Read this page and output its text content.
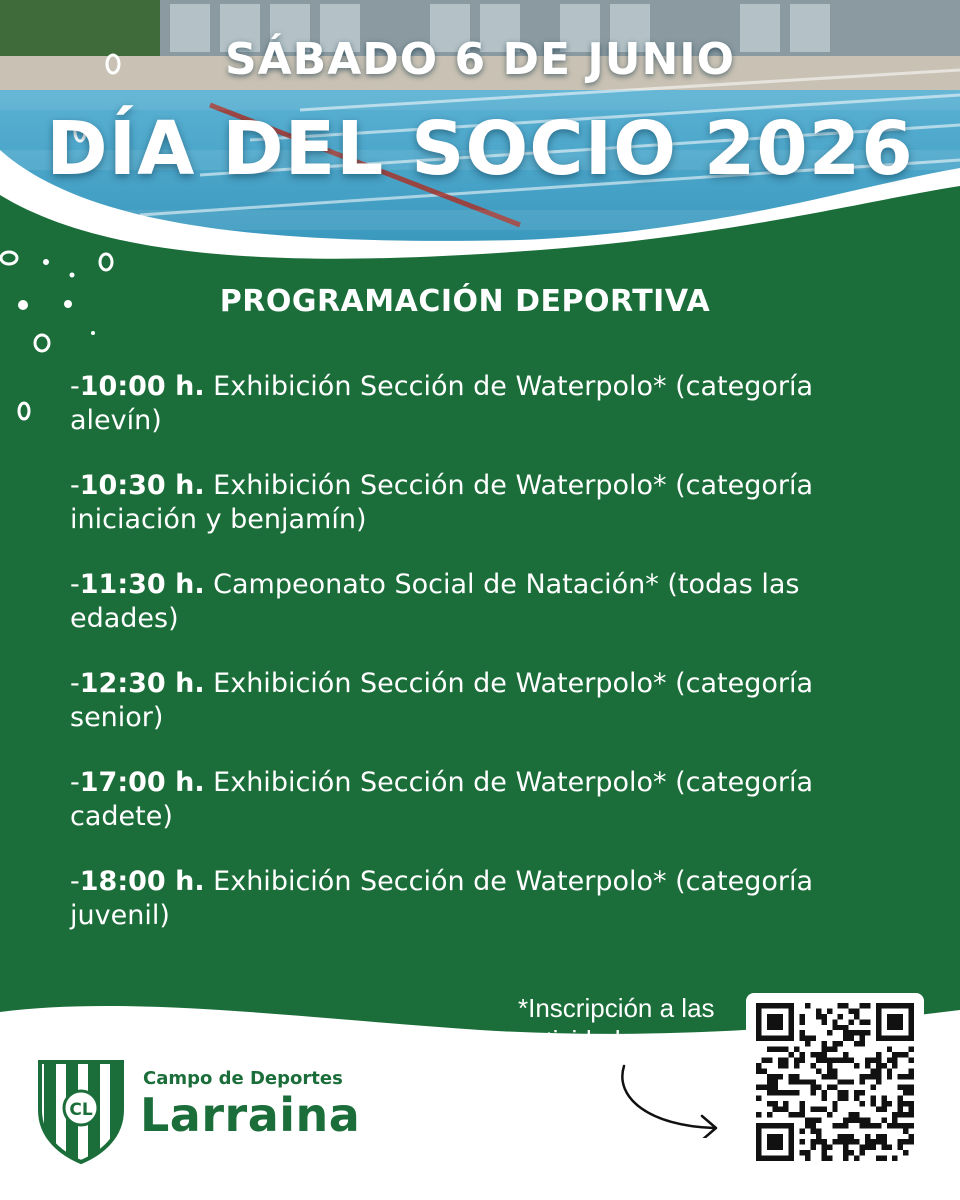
SÁBADO 6 DE JUNIO
DÍA DEL SOCIO 2026
PROGRAMACIÓN DEPORTIVA
-10:00 h. Exhibición Sección de Waterpolo* (categoría alevín)
-10:30 h. Exhibición Sección de Waterpolo* (categoría iniciación y benjamín)
-11:30 h. Campeonato Social de Natación* (todas las edades)
-12:30 h. Exhibición Sección de Waterpolo* (categoría senior)
-17:00 h. Exhibición Sección de Waterpolo* (categoría cadete)
-18:00 h. Exhibición Sección de Waterpolo* (categoría juvenil)
*Inscripción a las actividades
CL
Campo de Deportes
Larraina
